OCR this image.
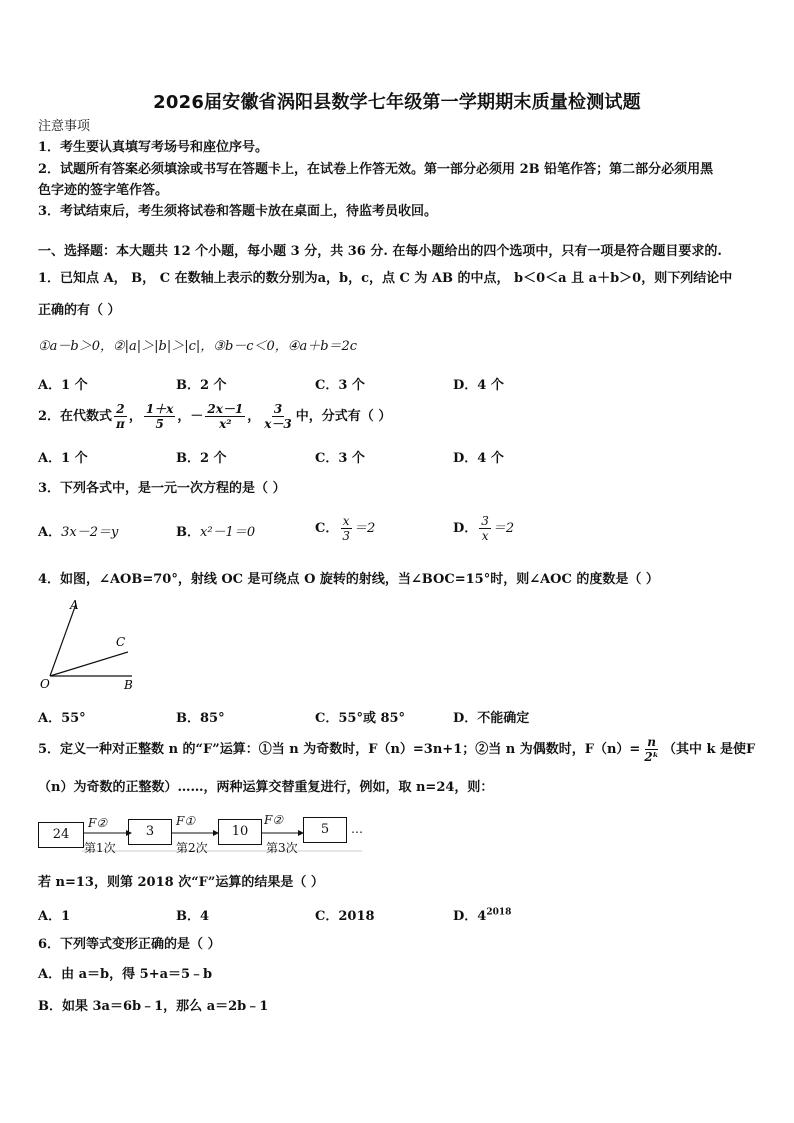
2026届安徽省涡阳县数学七年级第一学期期末质量检测试题
注意事项
1．考生要认真填写考场号和座位序号。
2．试题所有答案必须填涂或书写在答题卡上，在试卷上作答无效。第一部分必须用 2B 铅笔作答；第二部分必须用黑
色字迹的签字笔作答。
3．考试结束后，考生须将试卷和答题卡放在桌面上，待监考员收回。
一、选择题：本大题共 12 个小题，每小题 3 分，共 36 分. 在每小题给出的四个选项中，只有一项是符合题目要求的.
1．已知点 A， B， C 在数轴上表示的数分别为a，b，c，点 C 为 AB 的中点， b＜0＜a 且 a＋b＞0，则下列结论中
正确的有（ ）
①a－b＞0，②|a|＞|b|＞|c|，③b－c＜0，④a＋b＝2c
A．1 个	B．2 个	C．3 个	D．4 个
2．在代数式 $\frac{2}{\pi}$ ， $\frac{1+x}{5}$ ， － $\frac{2x-1}{\text{x²}}$ ， $\frac{3}{x-3}$ 中，分式有（ ）
A．1 个	B．2 个	C．3 个	D．4 个
3．下列各式中，是一元一次方程的是（ ）
A．3x－2＝y	B．x²－1＝0	C． $\frac{x}{3} =2$	D． $\frac{3}{x} =2$
4．如图，∠AOB=70°，射线 OC 是可绕点 O 旋转的射线，当∠BOC=15°时，则∠AOC 的度数是（ ）
A
C
O	B
A．55°	B．85°	C．55°或 85°	D．不能确定
5．定义一种对正整数 n 的“F”运算：①当 n 为奇数时，F（n）=3n+1；②当 n 为偶数时，$F(n)= \frac{n}{\text{2ᵏ}}$ （其中 k 是使F
（n）为奇数的正整数）……，两种运算交替重复进行，例如，取 n=24，则：
24	3	10	5
F②	F①	F②
第1次	第2次	第3次
…
若 n=13，则第 2018 次“F”运算的结果是（ ）
A．1	B．4	C．2018	D．$4^{2018}$
6．下列等式变形正确的是（ ）
A．由 a＝b，得 5+a＝5﹣b
B．如果 3a＝6b﹣1，那么 a＝2b﹣1
